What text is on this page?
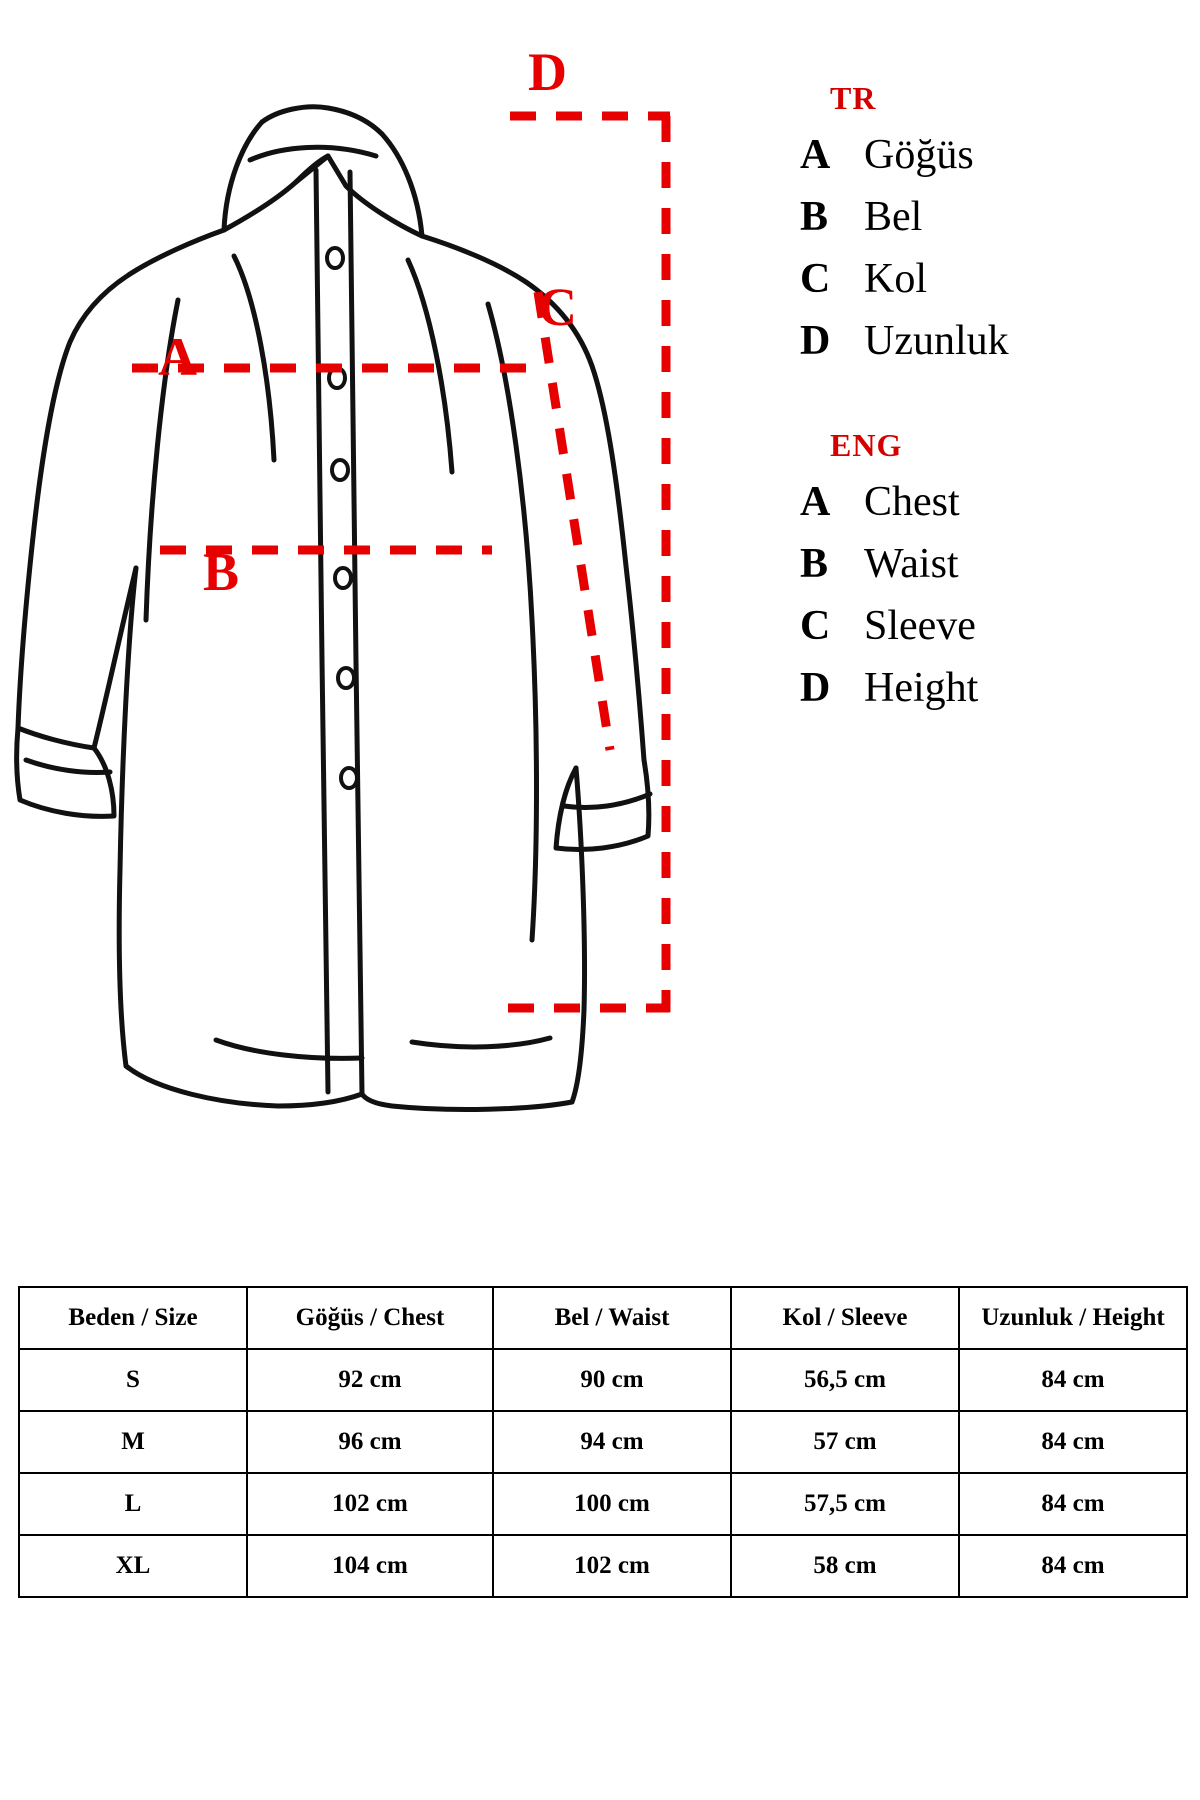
A
B
C
D	TR
A Göğüs
B Bel
C Kol
D Uzunluk
ENG
A Chest
B Waist
C Sleeve
D Height
Beden / Size	Göğüs / Chest	Bel / Waist	Kol / Sleeve	Uzunluk / Height
S	92 cm	90 cm	56,5 cm	84 cm
M	96 cm	94 cm	57 cm	84 cm
L	102 cm	100 cm	57,5 cm	84 cm
XL	104 cm	102 cm	58 cm	84 cm
